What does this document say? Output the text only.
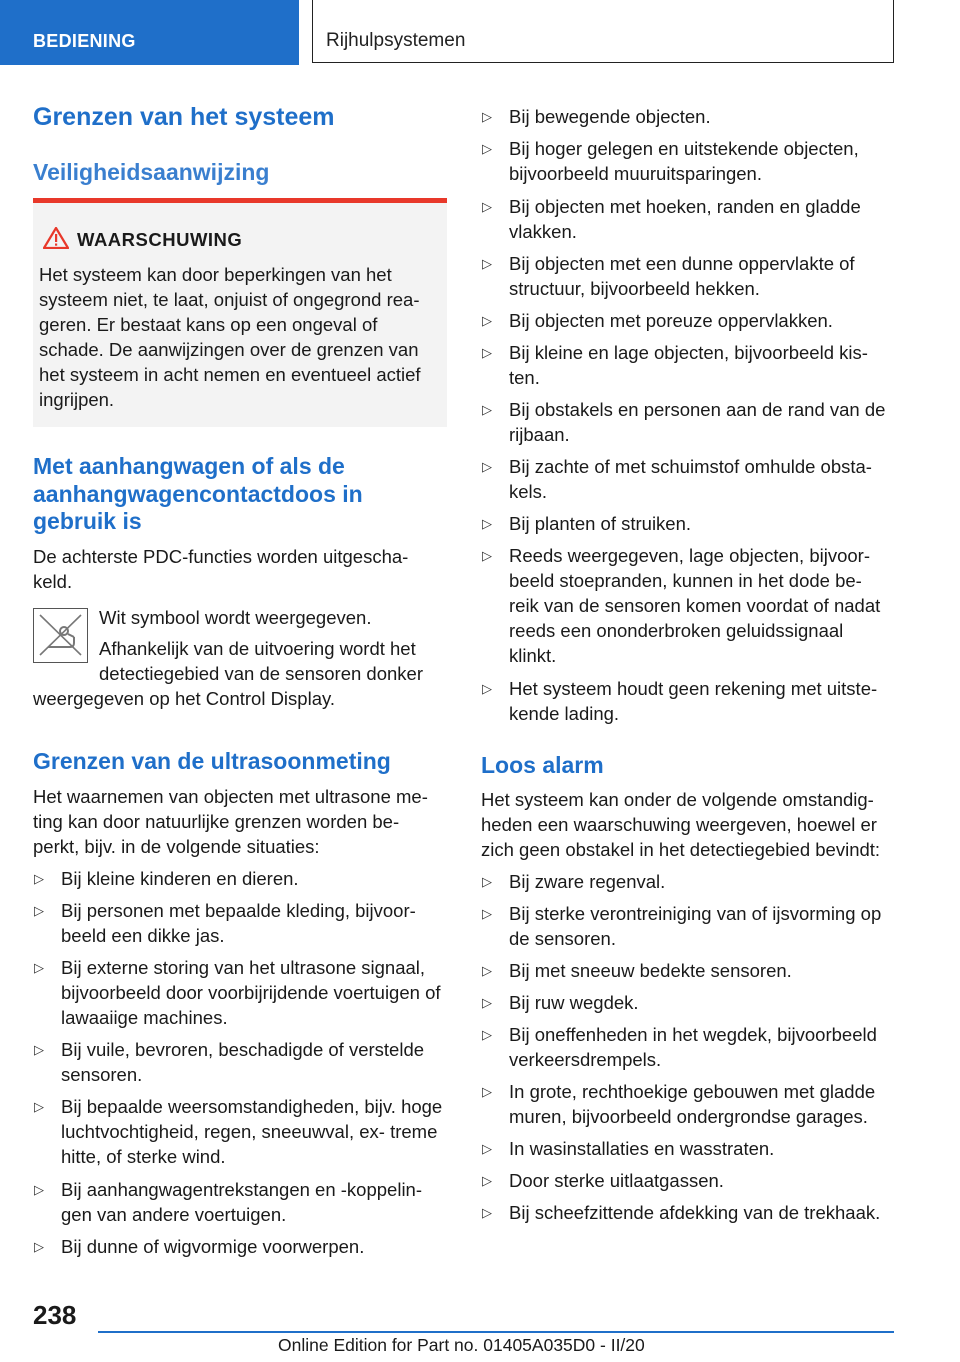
BEDIENING	Rijhulpsystemen
Grenzen van het systeem
Veiligheidsaanwijzing
WAARSCHUWING
Het systeem kan door beperkingen van het systeem niet, te laat, onjuist of ongegrond rea- geren. Er bestaat kans op een ongeval of schade. De aanwijzingen over de grenzen van het systeem in acht nemen en eventueel actief ingrijpen.
Met aanhangwagen of als de
aanhangwagencontactdoos in
gebruik is
De achterste PDC-functies worden uitgescha-
keld.
Wit symbool wordt weergegeven.
Afhankelijk van de uitvoering wordt het
detectiegebied van de sensoren donker
weergegeven op het Control Display.
Grenzen van de ultrasoonmeting
Het waarnemen van objecten met ultrasone me- ting kan door natuurlijke grenzen worden be- perkt, bijv. in de volgende situaties:
▷ Bij kleine kinderen en dieren.
▷ Bij personen met bepaalde kleding, bijvoor- beeld een dikke jas.
▷ Bij externe storing van het ultrasone signaal, bijvoorbeeld door voorbijrijdende voertuigen of lawaaiige machines.
▷ Bij vuile, bevroren, beschadigde of verstelde sensoren.
▷ Bij bepaalde weersomstandigheden, bijv. hoge luchtvochtigheid, regen, sneeuwval, ex- treme hitte, of sterke wind.
▷ Bij aanhangwagentrekstangen en -koppelin- gen van andere voertuigen.
▷ Bij dunne of wigvormige voorwerpen.
▷ Bij bewegende objecten.
▷ Bij hoger gelegen en uitstekende objecten, bijvoorbeeld muuruitsparingen.
▷ Bij objecten met hoeken, randen en gladde vlakken.
▷ Bij objecten met een dunne oppervlakte of structuur, bijvoorbeeld hekken.
▷ Bij objecten met poreuze oppervlakken.
▷ Bij kleine en lage objecten, bijvoorbeeld kis- ten.
▷ Bij obstakels en personen aan de rand van de rijbaan.
▷ Bij zachte of met schuimstof omhulde obsta- kels.
▷ Bij planten of struiken.
▷ Reeds weergegeven, lage objecten, bijvoor- beeld stoepranden, kunnen in het dode be- reik van de sensoren komen voordat of nadat reeds een ononderbroken geluidssignaal klinkt.
▷ Het systeem houdt geen rekening met uitste- kende lading.
Loos alarm
Het systeem kan onder de volgende omstandig- heden een waarschuwing weergeven, hoewel er zich geen obstakel in het detectiegebied bevindt:
▷ Bij zware regenval.
▷ Bij sterke verontreiniging van of ijsvorming op de sensoren.
▷ Bij met sneeuw bedekte sensoren.
▷ Bij ruw wegdek.
▷ Bij oneffenheden in het wegdek, bijvoorbeeld verkeersdrempels.
▷ In grote, rechthoekige gebouwen met gladde muren, bijvoorbeeld ondergrondse garages.
▷ In wasinstallaties en wasstraten.
▷ Door sterke uitlaatgassen.
▷ Bij scheefzittende afdekking van de trekhaak.
238
Online Edition for Part no. 01405A035D0 - II/20
